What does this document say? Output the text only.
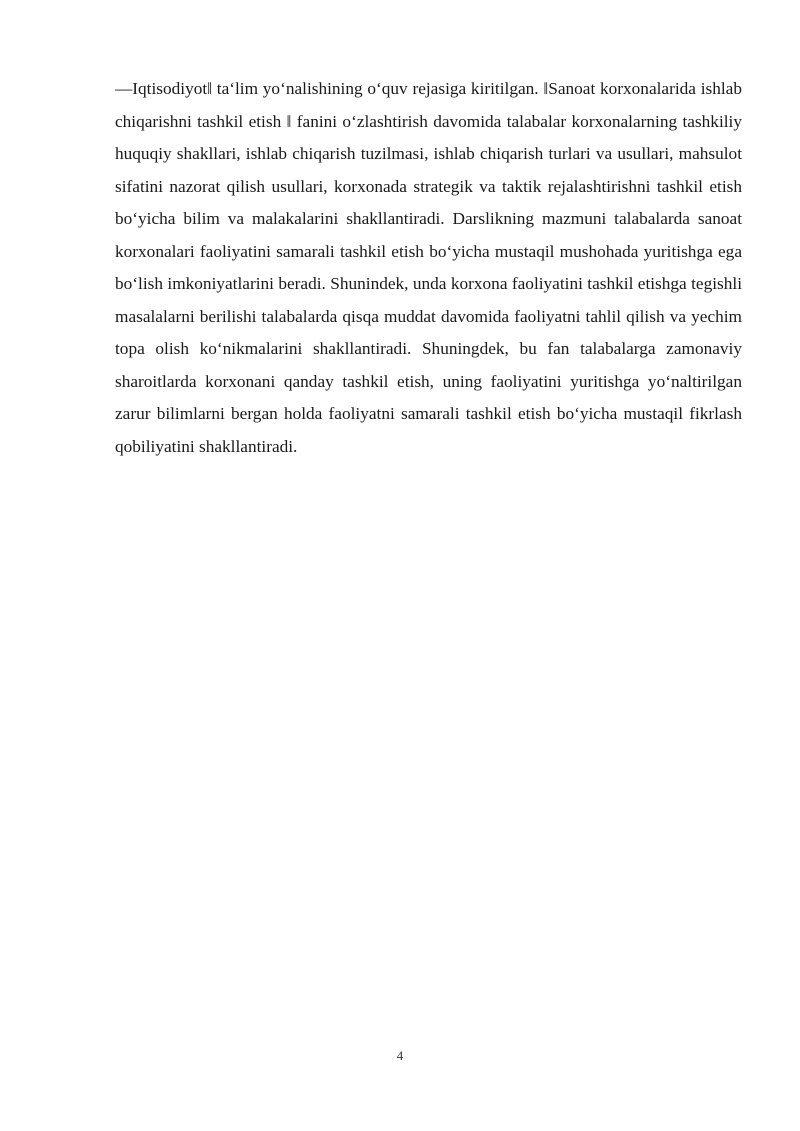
―Iqtisodiyot‖ ta‘lim yo‘nalishining o‘quv rejasiga kiritilgan. ‖Sanoat korxonalarida ishlab chiqarishni tashkil etish ‖ fanini o‘zlashtirish davomida talabalar korxonalarning tashkiliy huquqiy shakllari, ishlab chiqarish tuzilmasi, ishlab chiqarish turlari va usullari, mahsulot sifatini nazorat qilish usullari, korxonada strategik va taktik rejalashtirishni tashkil etish bo‘yicha bilim va malakalarini shakllantiradi. Darslikning mazmuni talabalarda sanoat korxonalari faoliyatini samarali tashkil etish bo‘yicha mustaqil mushohada yuritishga ega bo‘lish imkoniyatlarini beradi. Shunindek, unda korxona faoliyatini tashkil etishga tegishli masalalarni berilishi talabalarda qisqa muddat davomida faoliyatni tahlil qilish va yechim topa olish ko‘nikmalarini shakllantiradi. Shuningdek, bu fan talabalarga zamonaviy sharoitlarda korxonani qanday tashkil etish, uning faoliyatini yuritishga yo‘naltirilgan zarur bilimlarni bergan holda faoliyatni samarali tashkil etish bo‘yicha mustaqil fikrlash qobiliyatini shakllantiradi.

4
